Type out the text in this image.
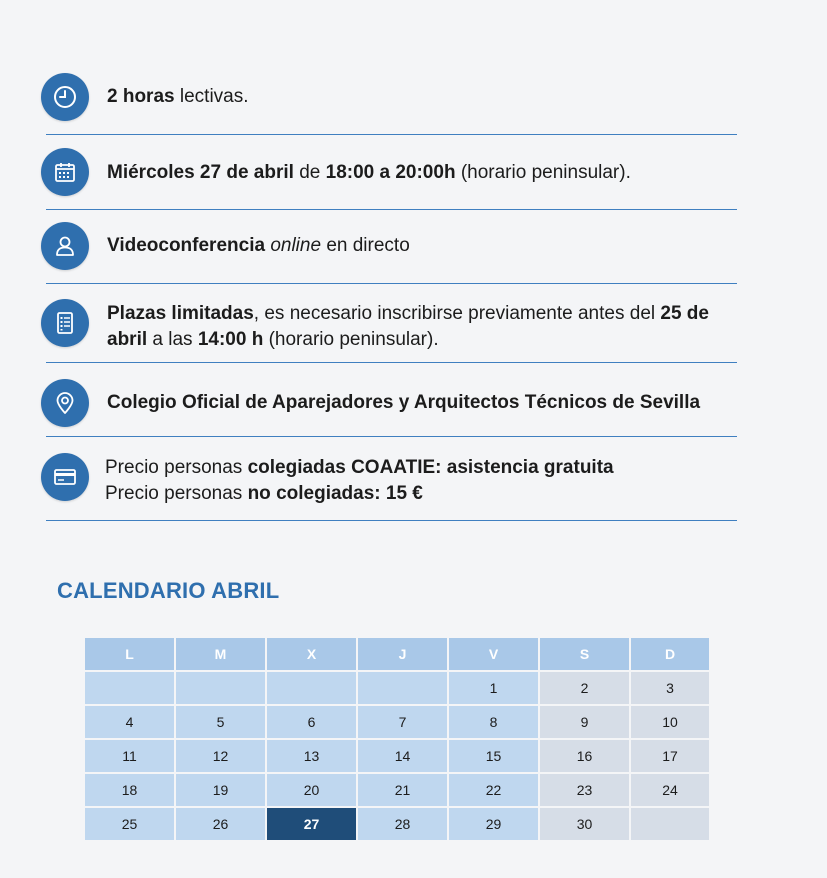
2 horas lectivas.
Miércoles 27 de abril de 18:00 a 20:00h (horario peninsular).
Videoconferencia online en directo
Plazas limitadas, es necesario inscribirse previamente antes del 25 de abril a las 14:00 h (horario peninsular).
Colegio Oficial de Aparejadores y Arquitectos Técnicos de Sevilla
Precio personas colegiadas COAATIE: asistencia gratuita
Precio personas no colegiadas: 15 €
CALENDARIO ABRIL
L	M	X	J	V	S	D
				1	2	3
4	5	6	7	8	9	10
11	12	13	14	15	16	17
18	19	20	21	22	23	24
25	26	27	28	29	30	
